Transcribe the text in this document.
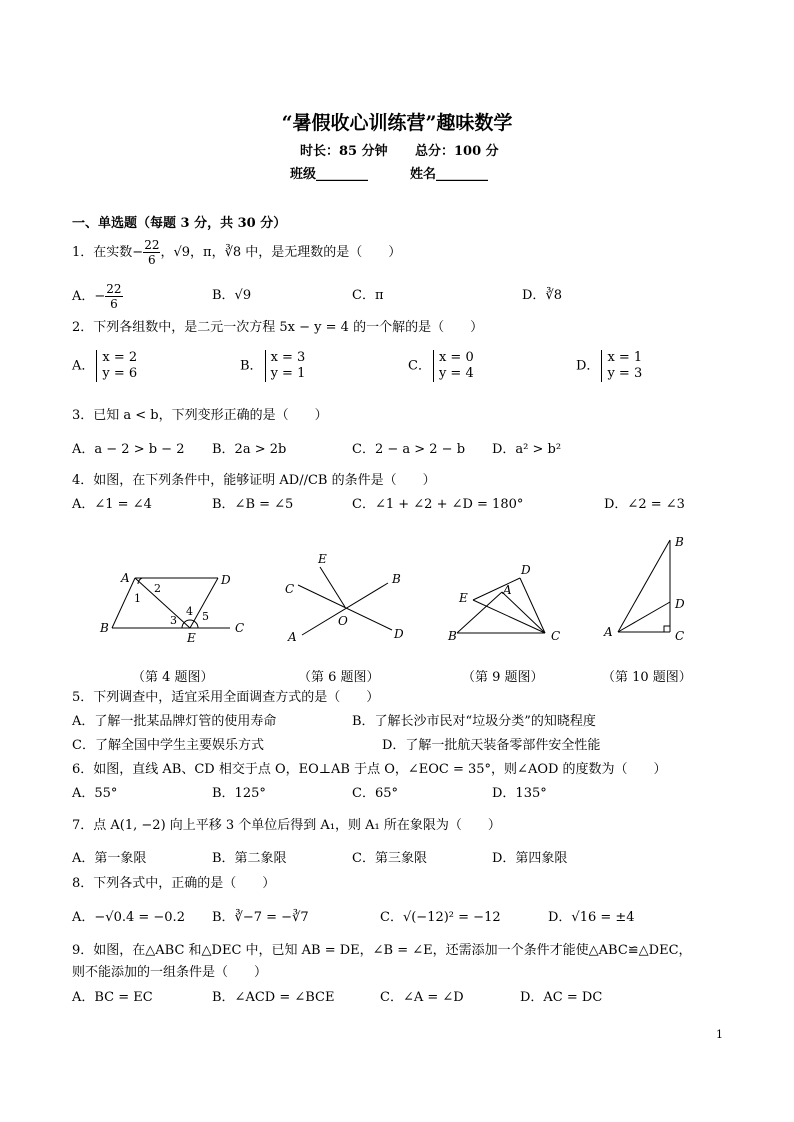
“暑假收心训练营”趣味数学
时长：85 分钟 总分：100 分
班级________	姓名________
一、单选题（每题 3 分，共 30 分）
1．在实数− $\frac{22}{6}$ ，√9，π，∛8 中，是无理数的是（　　）
A．− $\frac{22}{6}$	B．√9	C．π	D．∛8
2．下列各组数中，是二元一次方程 5x − y = 4 的一个解的是（　　）
A．
x = 2
y = 6	B．
x = 3
y = 1	C．
x = 0
y = 4	D．
x = 1
y = 3
3．已知 a < b，下列变形正确的是（　　）
A．a − 2 > b − 2 B．2a > 2b	C．2 − a > 2 − b D．a² > b²
4．如图，在下列条件中，能够证明 AD//CB 的条件是（　　）
A．∠1 = ∠4	B．∠B = ∠5	C．∠1 + ∠2 + ∠D = 180°	D．∠2 = ∠3
A	D
B
E
C
1
2
3
4 5
（第 4 题图）
E
C
B
A
O
D
（第 6 题图）
D
E
A
B	C
（第 9 题图）
B
D
A	C
（第 10 题图）
5．下列调查中，适宜采用全面调查方式的是（　　）
A．了解一批某品牌灯管的使用寿命	B．了解长沙市民对“垃圾分类”的知晓程度
C．了解全国中学生主要娱乐方式	D．了解一批航天装备零部件安全性能
6．如图，直线 AB、CD 相交于点 O，EO⊥AB 于点 O，∠EOC = 35°，则∠AOD 的度数为（　　）
A．55°	B．125°	C．65°	D．135°
7．点 A(1, −2) 向上平移 3 个单位后得到 A₁，则 A₁ 所在象限为（　　）
A．第一象限	B．第二象限	C．第三象限	D．第四象限
8．下列各式中，正确的是（　　）
A．−√0.4 = −0.2 B．∛−7 = −∛7	C．√(−12)² = −12	D．√16 = ±4
9．如图，在△ABC 和△DEC 中，已知 AB = DE，∠B = ∠E，还需添加一个条件才能使△ABC≌△DEC，
则不能添加的一组条件是（　　）
A．BC = EC	B．∠ACD = ∠BCE	C．∠A = ∠D	D．AC = DC
1
